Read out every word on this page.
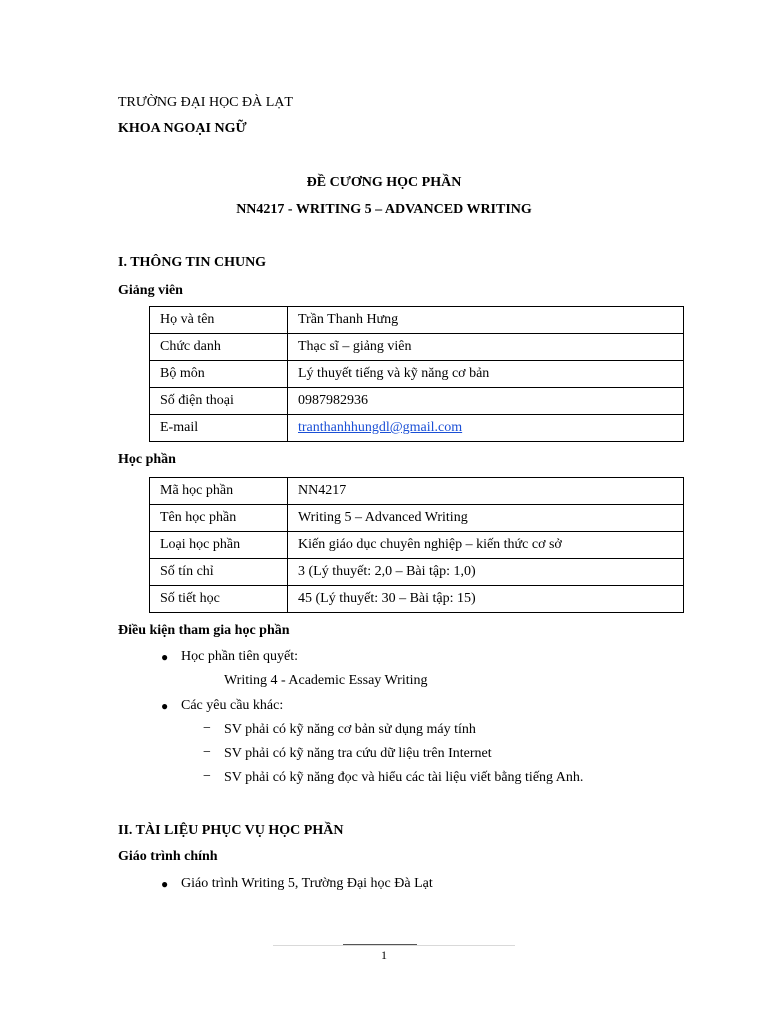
TRƯỜNG ĐẠI HỌC ĐÀ LẠT
KHOA NGOẠI NGỮ
ĐỀ CƯƠNG HỌC PHẦN
NN4217 - WRITING 5 – ADVANCED WRITING
I. THÔNG TIN CHUNG
Giảng viên
Họ và tên	Trần Thanh Hưng
Chức danh	Thạc sĩ – giảng viên
Bộ môn	Lý thuyết tiếng và kỹ năng cơ bản
Số điện thoại	0987982936
E-mail	tranthanhhungdl@gmail.com
Học phần
Mã học phần	NN4217
Tên học phần	Writing 5 – Advanced Writing
Loại học phần	Kiến giáo dục chuyên nghiệp – kiến thức cơ sở
Số tín chỉ	3 (Lý thuyết: 2,0 – Bài tập: 1,0)
Số tiết học	45 (Lý thuyết: 30 – Bài tập: 15)
Điều kiện tham gia học phần
● Học phần tiên quyết:
Writing 4 - Academic Essay Writing
● Các yêu cầu khác:
− SV phải có kỹ năng cơ bản sử dụng máy tính
− SV phải có kỹ năng tra cứu dữ liệu trên Internet
− SV phải có kỹ năng đọc và hiểu các tài liệu viết bằng tiếng Anh.
II. TÀI LIỆU PHỤC VỤ HỌC PHẦN
Giáo trình chính
● Giáo trình Writing 5, Trường Đại học Đà Lạt
1
